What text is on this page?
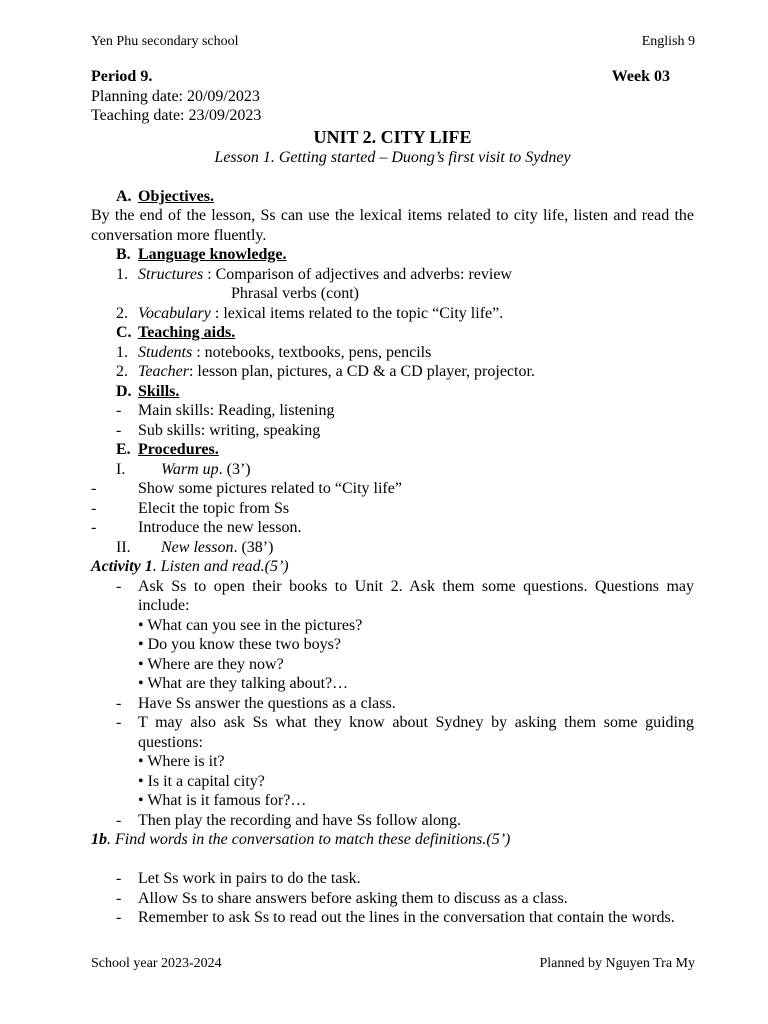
Yen Phu secondary school	English 9
Period 9.	Week 03
Planning date: 20/09/2023
Teaching date: 23/09/2023
UNIT 2. CITY LIFE
Lesson 1. Getting started – Duong’s first visit to Sydney
A. Objectives.
By the end of the lesson, Ss can use the lexical items related to city life, listen and read the conversation more fluently.
B. Language knowledge.
1. Structures : Comparison of adjectives and adverbs: review
Phrasal verbs (cont)
2. Vocabulary : lexical items related to the topic “City life”.
C. Teaching aids.
1. Students : notebooks, textbooks, pens, pencils
2. Teacher: lesson plan, pictures, a CD & a CD player, projector.
D. Skills.
- Main skills: Reading, listening
- Sub skills: writing, speaking
E. Procedures.
I. Warm up. (3’)
-	Show some pictures related to “City life”
-	Elecit the topic from Ss
-	Introduce the new lesson.
II. New lesson. (38’)
Activity 1. Listen and read.(5’)
- Ask Ss to open their books to Unit 2. Ask them some questions. Questions may include:
• What can you see in the pictures?
• Do you know these two boys?
• Where are they now?
• What are they talking about?…
- Have Ss answer the questions as a class.
- T may also ask Ss what they know about Sydney by asking them some guiding questions:
• Where is it?
• Is it a capital city?
• What is it famous for?…
- Then play the recording and have Ss follow along.
1b. Find words in the conversation to match these definitions.(5’)
- Let Ss work in pairs to do the task.
- Allow Ss to share answers before asking them to discuss as a class.
- Remember to ask Ss to read out the lines in the conversation that contain the words.
School year 2023-2024	Planned by Nguyen Tra My
